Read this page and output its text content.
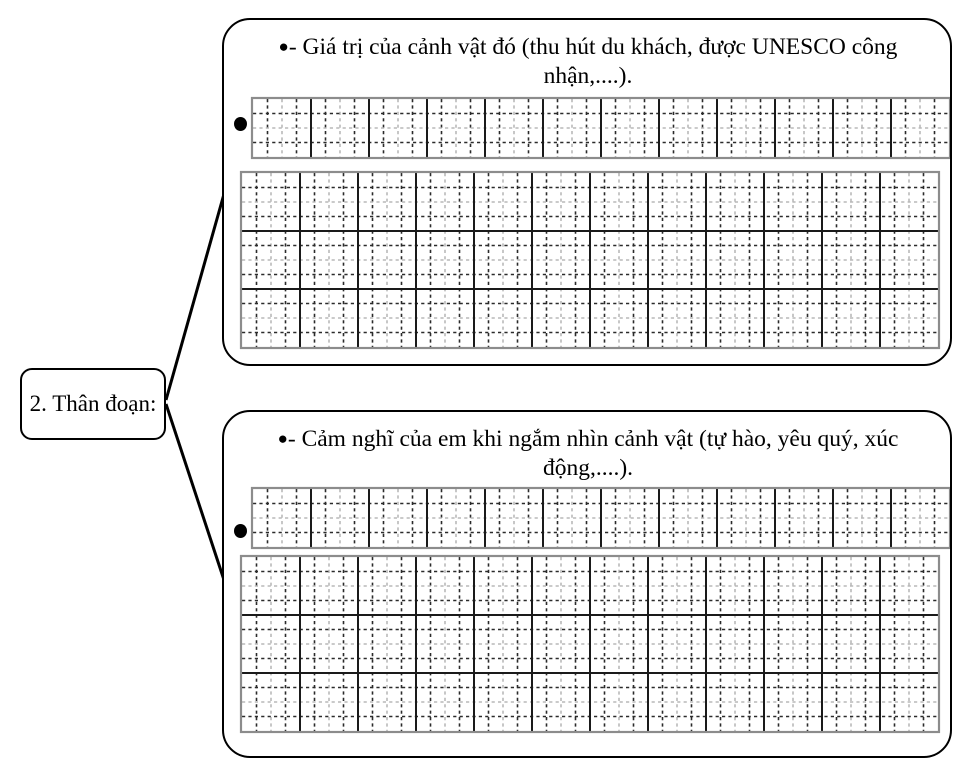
2. Thân đoạn:
●- Giá trị của cảnh vật đó (thu hút du khách, được UNESCO công nhận,....).
●- Cảm nghĩ của em khi ngắm nhìn cảnh vật (tự hào, yêu quý, xúc động,....).
